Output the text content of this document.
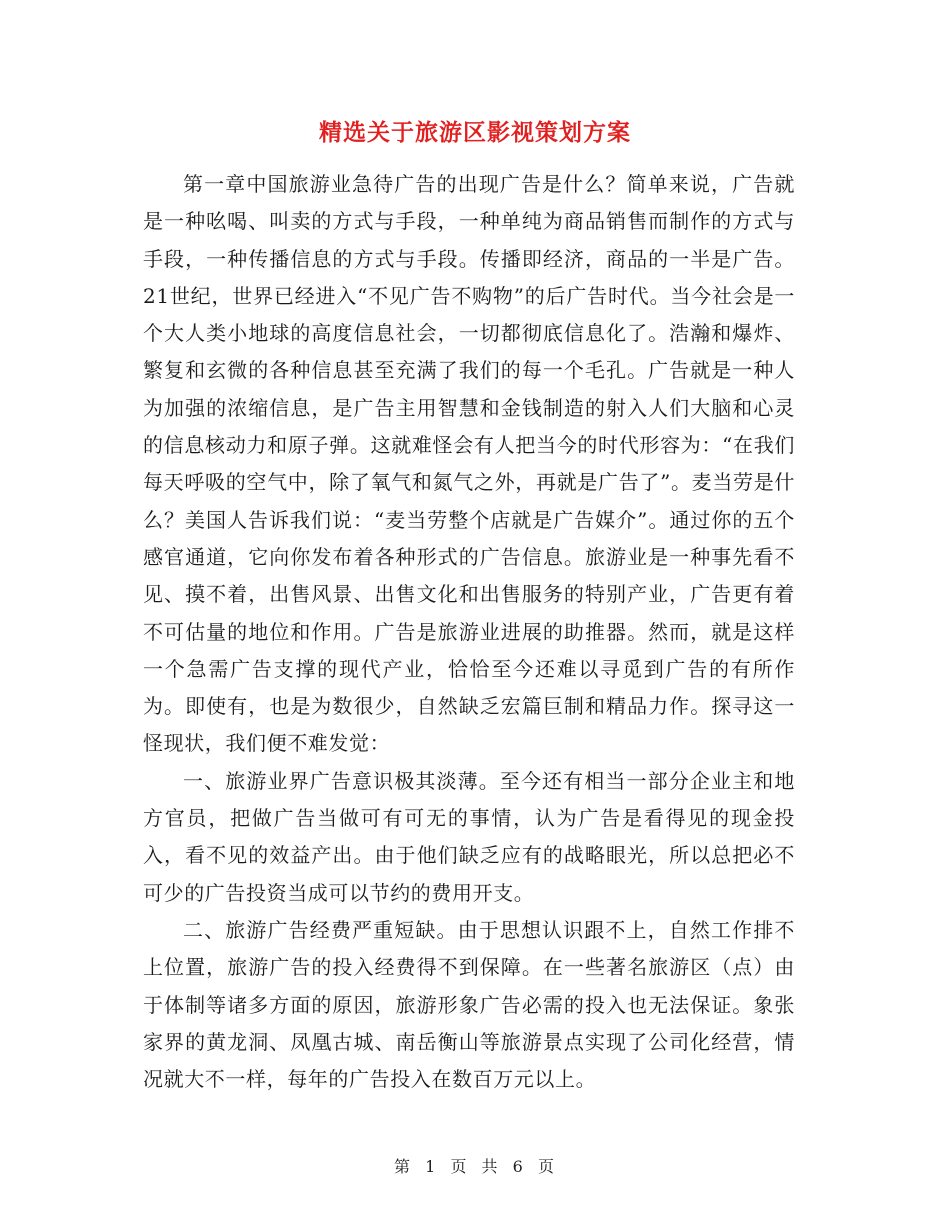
精选关于旅游区影视策划方案

第一章中国旅游业急待广告的出现广告是什么？简单来说，广告就是一种吆喝、叫卖的方式与手段，一种单纯为商品销售而制作的方式与手段，一种传播信息的方式与手段。传播即经济，商品的一半是广告。21世纪，世界已经进入“不见广告不购物”的后广告时代。当今社会是一个大人类小地球的高度信息社会，一切都彻底信息化了。浩瀚和爆炸、繁复和玄微的各种信息甚至充满了我们的每一个毛孔。广告就是一种人为加强的浓缩信息，是广告主用智慧和金钱制造的射入人们大脑和心灵的信息核动力和原子弹。这就难怪会有人把当今的时代形容为：“在我们每天呼吸的空气中，除了氧气和氮气之外，再就是广告了”。麦当劳是什么？美国人告诉我们说：“麦当劳整个店就是广告媒介”。通过你的五个感官通道，它向你发布着各种形式的广告信息。旅游业是一种事先看不见、摸不着，出售风景、出售文化和出售服务的特别产业，广告更有着不可估量的地位和作用。广告是旅游业进展的助推器。然而，就是这样一个急需广告支撑的现代产业，恰恰至今还难以寻觅到广告的有所作为。即使有，也是为数很少，自然缺乏宏篇巨制和精品力作。探寻这一怪现状，我们便不难发觉：

一、旅游业界广告意识极其淡薄。至今还有相当一部分企业主和地方官员，把做广告当做可有可无的事情，认为广告是看得见的现金投入，看不见的效益产出。由于他们缺乏应有的战略眼光，所以总把必不可少的广告投资当成可以节约的费用开支。

二、旅游广告经费严重短缺。由于思想认识跟不上，自然工作排不上位置，旅游广告的投入经费得不到保障。在一些著名旅游区（点）由于体制等诸多方面的原因，旅游形象广告必需的投入也无法保证。象张家界的黄龙洞、凤凰古城、南岳衡山等旅游景点实现了公司化经营，情况就大不一样，每年的广告投入在数百万元以上。

第 1 页 共 6 页
